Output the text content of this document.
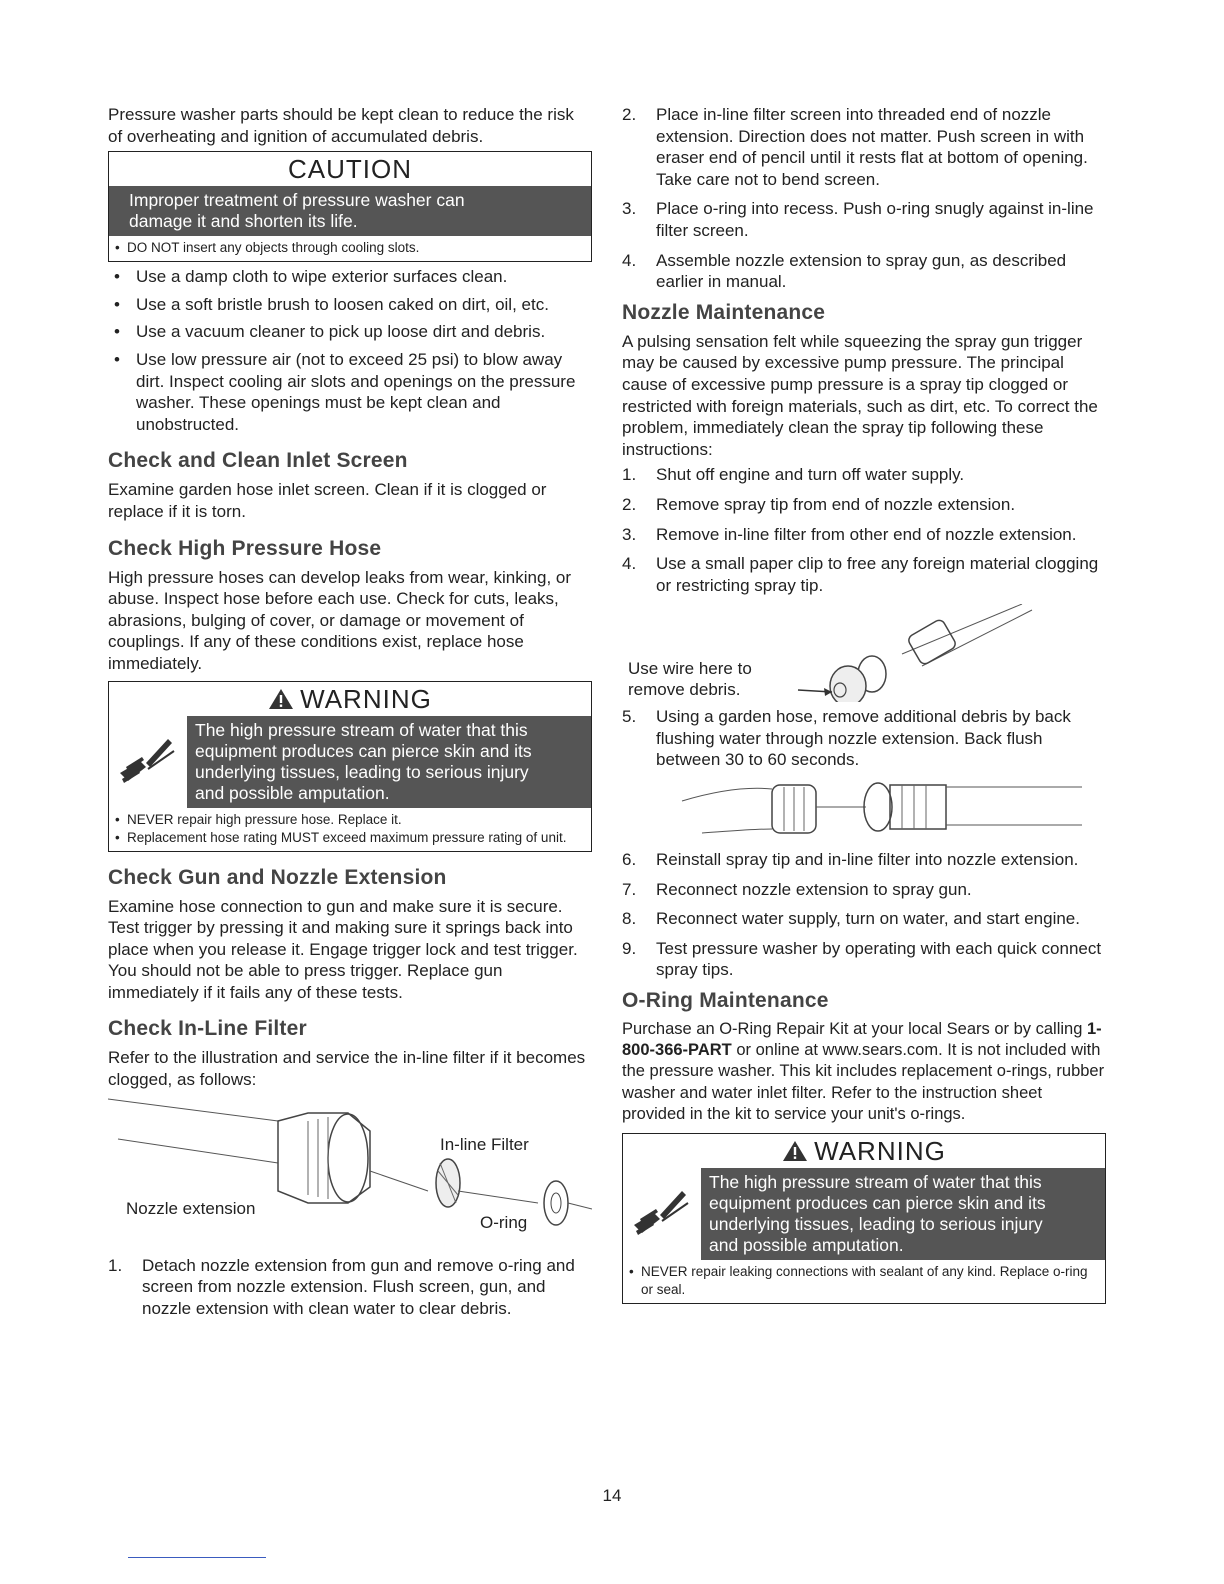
Pressure washer parts should be kept clean to reduce the risk of overheating and ignition of accumulated debris.

CAUTION
Improper treatment of pressure washer can
damage it and shorten its life.
• DO NOT insert any objects through cooling slots.
• Use a damp cloth to wipe exterior surfaces clean.
• Use a soft bristle brush to loosen caked on dirt, oil, etc.
• Use a vacuum cleaner to pick up loose dirt and debris.
• Use low pressure air (not to exceed 25 psi) to blow away dirt. Inspect cooling air slots and openings on the pressure washer. These openings must be kept clean and unobstructed.
Check and Clean Inlet Screen

Examine garden hose inlet screen. Clean if it is clogged or replace if it is torn.

Check High Pressure Hose

High pressure hoses can develop leaks from wear, kinking, or abuse. Inspect hose before each use. Check for cuts, leaks, abrasions, bulging of cover, or damage or movement of couplings. If any of these conditions exist, replace hose immediately.

WARNING
The high pressure stream of water that this
equipment produces can pierce skin and its
underlying tissues, leading to serious injury
and possible amputation.
• NEVER repair high pressure hose. Replace it.
• Replacement hose rating MUST exceed maximum pressure rating of unit.
Check Gun and Nozzle Extension

Examine hose connection to gun and make sure it is secure. Test trigger by pressing it and making sure it springs back into place when you release it. Engage trigger lock and test trigger. You should not be able to press trigger. Replace gun immediately if it fails any of these tests.

Check In-Line Filter

Refer to the illustration and service the in-line filter if it becomes clogged, as follows:

In-line Filter
Nozzle extension
O-ring
1. Detach nozzle extension from gun and remove o-ring and screen from nozzle extension. Flush screen, gun, and nozzle extension with clean water to clear debris.
2. Place in-line filter screen into threaded end of nozzle extension. Direction does not matter. Push screen in with eraser end of pencil until it rests flat at bottom of opening. Take care not to bend screen.
3. Place o-ring into recess. Push o-ring snugly against in-line filter screen.
4. Assemble nozzle extension to spray gun, as described earlier in manual.
Nozzle Maintenance

A pulsing sensation felt while squeezing the spray gun trigger may be caused by excessive pump pressure. The principal cause of excessive pump pressure is a spray tip clogged or restricted with foreign materials, such as dirt, etc. To correct the problem, immediately clean the spray tip following these instructions:

1. Shut off engine and turn off water supply.
2. Remove spray tip from end of nozzle extension.
3. Remove in-line filter from other end of nozzle extension.
4. Use a small paper clip to free any foreign material clogging or restricting spray tip.
Use wire here to remove debris.
5. Using a garden hose, remove additional debris by back flushing water through nozzle extension. Back flush between 30 to 60 seconds.
6. Reinstall spray tip and in-line filter into nozzle extension.
7. Reconnect nozzle extension to spray gun.
8. Reconnect water supply, turn on water, and start engine.
9. Test pressure washer by operating with each quick connect spray tips.
O-Ring Maintenance

Purchase an O-Ring Repair Kit at your local Sears or by calling 1-800-366-PART or online at www.sears.com. It is not included with the pressure washer. This kit includes replacement o-rings, rubber washer and water inlet filter. Refer to the instruction sheet provided in the kit to service your unit's o-rings.

WARNING
The high pressure stream of water that this
equipment produces can pierce skin and its
underlying tissues, leading to serious injury
and possible amputation.
• NEVER repair leaking connections with sealant of any kind. Replace o-ring or seal.
14
